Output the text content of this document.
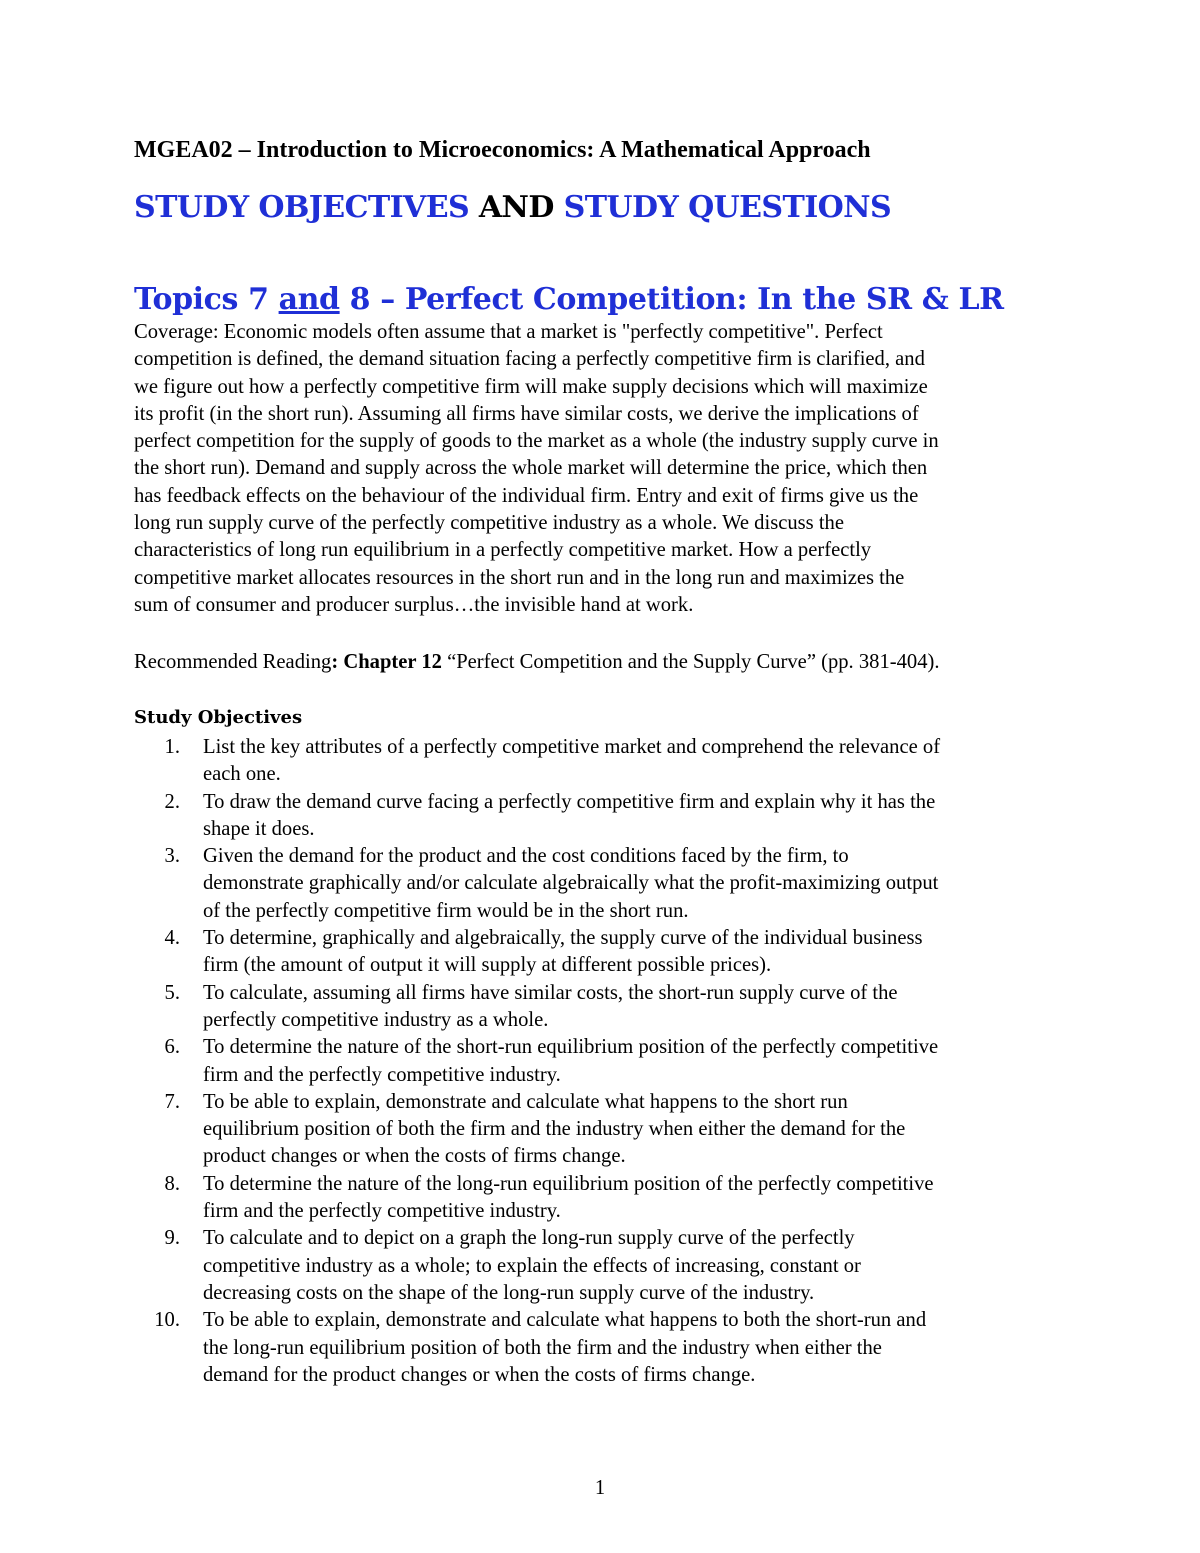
MGEA02 – Introduction to Microeconomics: A Mathematical Approach
STUDY OBJECTIVES AND STUDY QUESTIONS
Topics 7 and 8 – Perfect Competition: In the SR & LR
Coverage: Economic models often assume that a market is "perfectly competitive". Perfect
competition is defined, the demand situation facing a perfectly competitive firm is clarified, and
we figure out how a perfectly competitive firm will make supply decisions which will maximize
its profit (in the short run). Assuming all firms have similar costs, we derive the implications of
perfect competition for the supply of goods to the market as a whole (the industry supply curve in
the short run). Demand and supply across the whole market will determine the price, which then
has feedback effects on the behaviour of the individual firm. Entry and exit of firms give us the
long run supply curve of the perfectly competitive industry as a whole. We discuss the
characteristics of long run equilibrium in a perfectly competitive market. How a perfectly
competitive market allocates resources in the short run and in the long run and maximizes the
sum of consumer and producer surplus…the invisible hand at work.
Recommended Reading: Chapter 12 “Perfect Competition and the Supply Curve” (pp. 381-404).
Study Objectives
1. List the key attributes of a perfectly competitive market and comprehend the relevance of
each one.
2. To draw the demand curve facing a perfectly competitive firm and explain why it has the
shape it does.
3. Given the demand for the product and the cost conditions faced by the firm, to
demonstrate graphically and/or calculate algebraically what the profit-maximizing output
of the perfectly competitive firm would be in the short run.
4. To determine, graphically and algebraically, the supply curve of the individual business
firm (the amount of output it will supply at different possible prices).
5. To calculate, assuming all firms have similar costs, the short-run supply curve of the
perfectly competitive industry as a whole.
6. To determine the nature of the short-run equilibrium position of the perfectly competitive
firm and the perfectly competitive industry.
7. To be able to explain, demonstrate and calculate what happens to the short run
equilibrium position of both the firm and the industry when either the demand for the
product changes or when the costs of firms change.
8. To determine the nature of the long-run equilibrium position of the perfectly competitive
firm and the perfectly competitive industry.
9. To calculate and to depict on a graph the long-run supply curve of the perfectly
competitive industry as a whole; to explain the effects of increasing, constant or
decreasing costs on the shape of the long-run supply curve of the industry.
10. To be able to explain, demonstrate and calculate what happens to both the short-run and
the long-run equilibrium position of both the firm and the industry when either the
demand for the product changes or when the costs of firms change.
1
